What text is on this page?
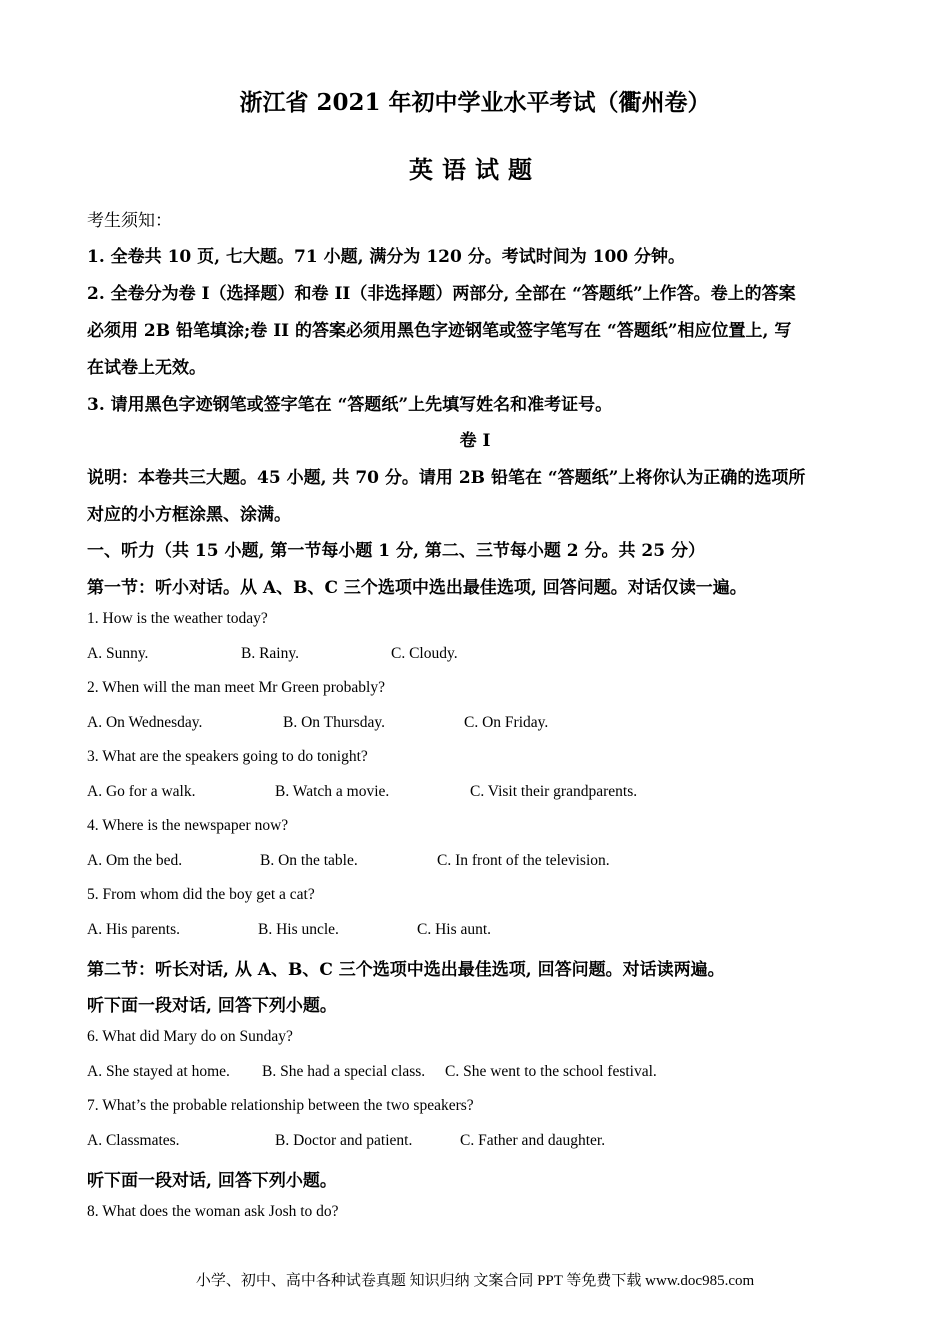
浙江省 2021 年初中学业水平考试（衢州卷）
英语试题
考生须知：
1. 全卷共 10 页, 七大题。71 小题, 满分为 120 分。考试时间为 100 分钟。
2. 全卷分为卷 I（选择题）和卷 II（非选择题）两部分, 全部在 “答题纸”上作答。卷上的答案
必须用 2B 铅笔填涂;卷 II 的答案必须用黑色字迹钢笔或签字笔写在 “答题纸”相应位置上, 写
在试卷上无效。
3. 请用黑色字迹钢笔或签字笔在 “答题纸”上先填写姓名和准考证号。
卷 I
说明：本卷共三大题。45 小题, 共 70 分。请用 2B 铅笔在 “答题纸”上将你认为正确的选项所
对应的小方框涂黑、涂满。
一、听力（共 15 小题, 第一节每小题 1 分, 第二、三节每小题 2 分。共 25 分）
第一节：听小对话。从 A、B、C 三个选项中选出最佳选项, 回答问题。对话仅读一遍。
1. How is the weather today?
A. Sunny.	B. Rainy.	C. Cloudy.
2. When will the man meet Mr Green probably?
A. On Wednesday.	B. On Thursday.	C. On Friday.
3. What are the speakers going to do tonight?
A. Go for a walk.	B. Watch a movie.	C. Visit their grandparents.
4. Where is the newspaper now?
A. Om the bed.	B. On the table.	C. In front of the television.
5. From whom did the boy get a cat?
A. His parents.	B. His uncle.	C. His aunt.
第二节：听长对话, 从 A、B、C 三个选项中选出最佳选项, 回答问题。对话读两遍。
听下面一段对话, 回答下列小题。
6. What did Mary do on Sunday?
A. She stayed at home. B. She had a special class. C. She went to the school festival.
7. What’s the probable relationship between the two speakers?
A. Classmates.	B. Doctor and patient.	C. Father and daughter.
听下面一段对话, 回答下列小题。
8. What does the woman ask Josh to do?
小学、初中、高中各种试卷真题 知识归纳 文案合同 PPT 等免费下载 www.doc985.com
